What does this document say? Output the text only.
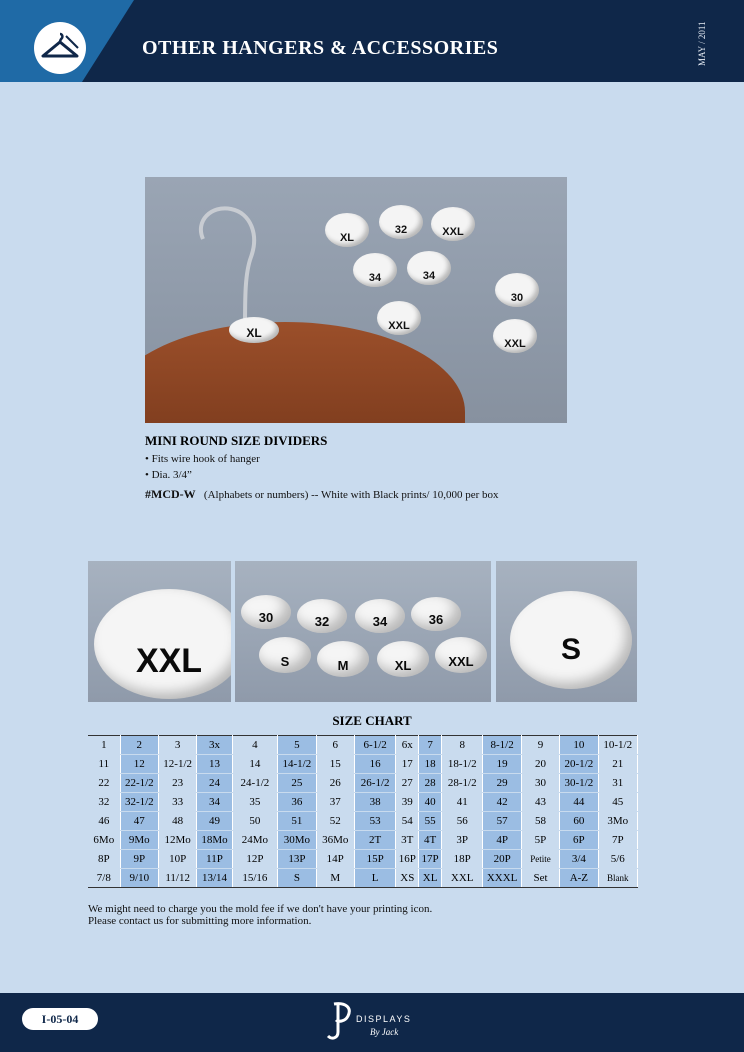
OTHER HANGERS & ACCESSORIES	MAY / 2011
XL
XL
32	XXL
34	34
XXL
30
XXL
MINI ROUND SIZE DIVIDERS
• Fits wire hook of hanger
• Dia. 3/4”
#MCD-W (Alphabets or numbers) -- White with Black prints/ 10,000 per box
XXL
30	32	34	36
S	M	XL	XXL	S
SIZE CHART
1	2	3	3x	4	5	6	6-1/2	6x	7	8	8-1/2	9	10	10-1/2
11	12	12-1/2	13	14	14-1/2	15	16	17	18	18-1/2	19	20	20-1/2	21
22	22-1/2	23	24	24-1/2	25	26	26-1/2	27	28	28-1/2	29	30	30-1/2	31
32	32-1/2	33	34	35	36	37	38	39	40	41	42	43	44	45
46	47	48	49	50	51	52	53	54	55	56	57	58	60	3Mo
6Mo	9Mo	12Mo	18Mo	24Mo	30Mo	36Mo	2T	3T	4T	3P	4P	5P	6P	7P
8P	9P	10P	11P	12P	13P	14P	15P	16P	17P	18P	20P	Petite	3/4	5/6
7/8	9/10	11/12	13/14	15/16	S	M	L	XS	XL	XXL	XXXL	Set	A-Z	Blank
We might need to charge you the mold fee if we don't have your printing icon.
Please contact us for submitting more information.
I-05-04	DISPLAYS
By Jack
